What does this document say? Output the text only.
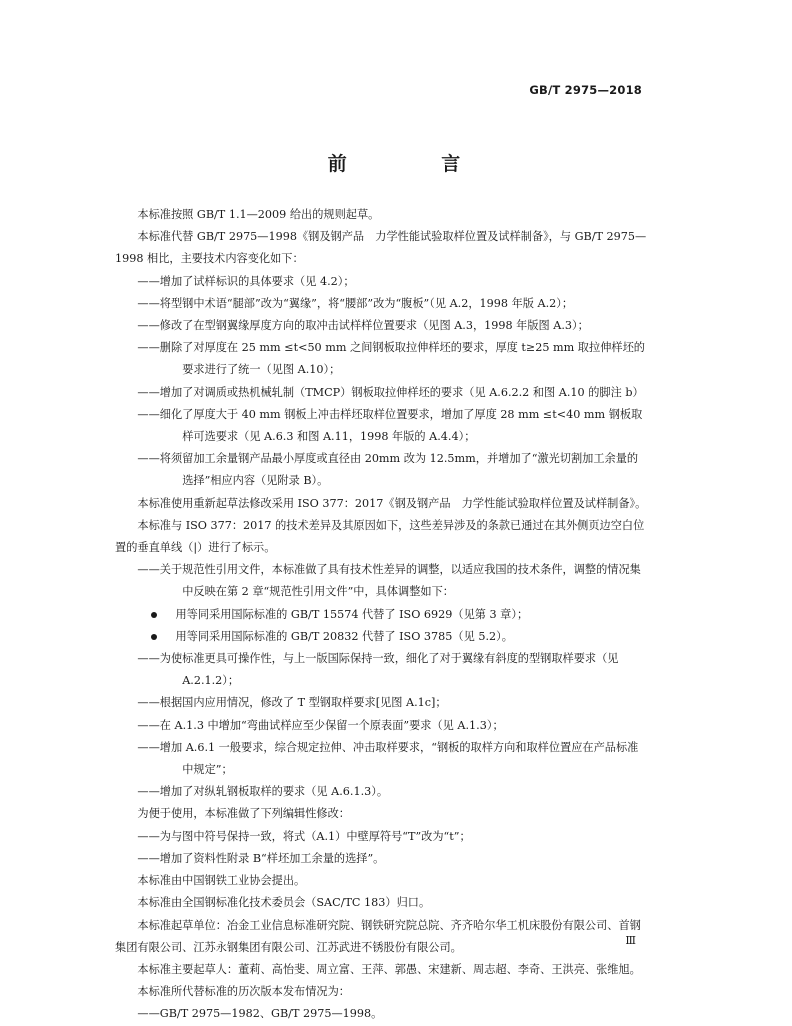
GB/T 2975—2018
前 言

本标准按照 GB/T 1.1—2009 给出的规则起草。

本标准代替 GB/T 2975—1998《钢及钢产品　力学性能试验取样位置及试样制备》，与 GB/T 2975—1998 相比，主要技术内容变化如下：

——增加了试样标识的具体要求（见 4.2）；

——将型钢中术语“腿部”改为“翼缘”，将“腰部”改为“腹板”（见 A.2，1998 年版 A.2）；

——修改了在型钢翼缘厚度方向的取冲击试样样位置要求（见图 A.3，1998 年版图 A.3）；

——删除了对厚度在 25 mm ≤t<50 mm 之间钢板取拉伸样坯的要求，厚度 t≥25 mm 取拉伸样坯的要求进行了统一（见图 A.10）；

——增加了对调质或热机械轧制（TMCP）钢板取拉伸样坯的要求（见 A.6.2.2 和图 A.10 的脚注 b）

——细化了厚度大于 40 mm 钢板上冲击样坯取样位置要求，增加了厚度 28 mm ≤t<40 mm 钢板取样可选要求（见 A.6.3 和图 A.11，1998 年版的 A.4.4）；

——将须留加工余量钢产品最小厚度或直径由 20mm 改为 12.5mm，并增加了“激光切割加工余量的选择”相应内容（见附录 B）。

本标准使用重新起草法修改采用 ISO 377：2017《钢及钢产品　力学性能试验取样位置及试样制备》。

本标准与 ISO 377：2017 的技术差异及其原因如下，这些差异涉及的条款已通过在其外侧页边空白位置的垂直单线（|）进行了标示。

——关于规范性引用文件，本标准做了具有技术性差异的调整，以适应我国的技术条件，调整的情况集中反映在第 2 章“规范性引用文件”中，具体调整如下：

用等同采用国际标准的 GB/T 15574 代替了 ISO 6929（见第 3 章）；

用等同采用国际标准的 GB/T 20832 代替了 ISO 3785（见 5.2）。

——为使标准更具可操作性，与上一版国际保持一致，细化了对于翼缘有斜度的型钢取样要求（见 A.2.1.2）；

——根据国内应用情况，修改了 T 型钢取样要求[见图 A.1c]；

——在 A.1.3 中增加“弯曲试样应至少保留一个原表面”要求（见 A.1.3）；

——增加 A.6.1 一般要求，综合规定拉伸、冲击取样要求，“钢板的取样方向和取样位置应在产品标准中规定”；

——增加了对纵轧钢板取样的要求（见 A.6.1.3）。

为便于使用，本标准做了下列编辑性修改：

——为与图中符号保持一致，将式（A.1）中壁厚符号“T”改为“t”；

——增加了资料性附录 B“样坯加工余量的选择”。

本标准由中国钢铁工业协会提出。

本标准由全国钢标准化技术委员会（SAC/TC 183）归口。

本标准起草单位：冶金工业信息标准研究院、钢铁研究院总院、齐齐哈尔华工机床股份有限公司、首钢集团有限公司、江苏永钢集团有限公司、江苏武进不锈股份有限公司。

本标准主要起草人：董莉、高怡斐、周立富、王萍、郭愚、宋建新、周志超、李奇、王洪亮、张维旭。

本标准所代替标准的历次版本发布情况为：

——GB/T 2975—1982、GB/T 2975—1998。

Ⅲ
